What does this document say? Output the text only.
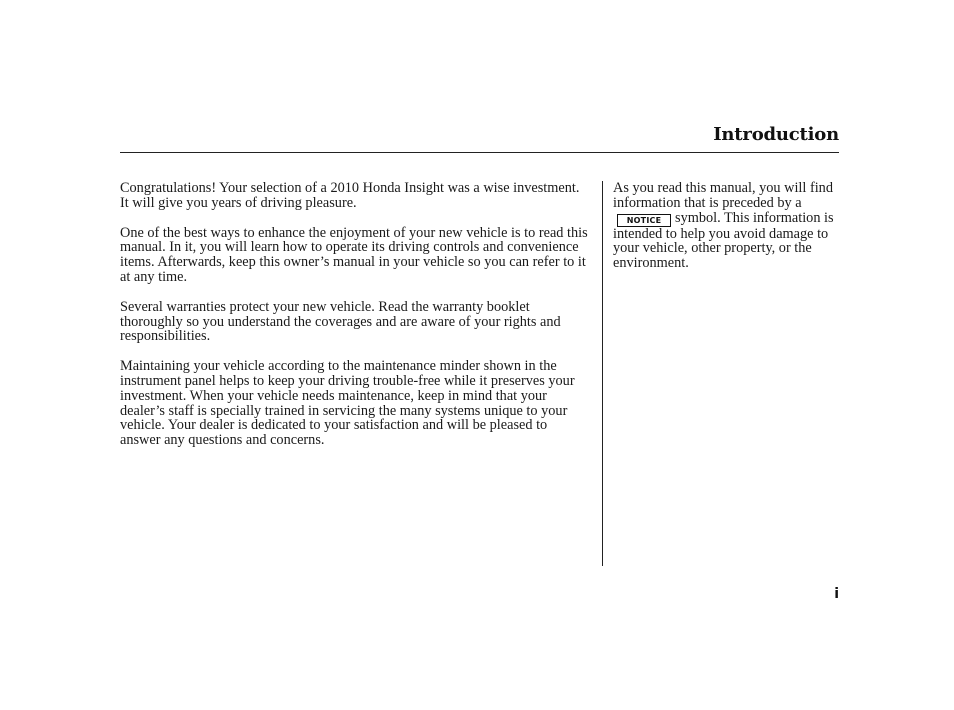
Introduction

Congratulations! Your selection of a 2010 Honda Insight was a wise investment. It will give you years of driving pleasure.

One of the best ways to enhance the enjoyment of your new vehicle is to read this manual. In it, you will learn how to operate its driving controls and convenience items. Afterwards, keep this owner’s manual in your vehicle so you can refer to it at any time.

Several warranties protect your new vehicle. Read the warranty booklet thoroughly so you understand the coverages and are aware of your rights and responsibilities.

Maintaining your vehicle according to the maintenance minder shown in the instrument panel helps to keep your driving trouble-free while it preserves your investment. When your vehicle needs maintenance, keep in mind that your dealer’s staff is specially trained in servicing the many systems unique to your vehicle. Your dealer is dedicated to your satisfaction and will be pleased to answer any questions and concerns.

As you read this manual, you will find information that is preceded by aNOTICE symbol. This information is intended to help you avoid damage to your vehicle, other property, or the environment.

i
